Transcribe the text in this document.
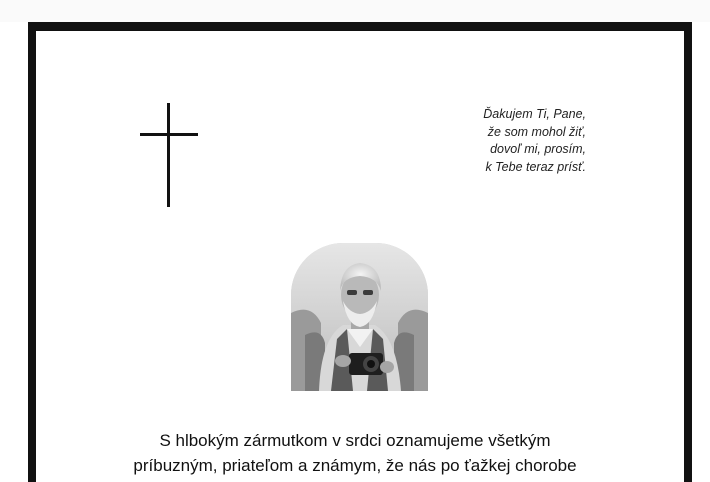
Ďakujem Ti, Pane,
že som mohol žiť,
dovoľ mi, prosím,
k Tebe teraz prísť.
S hlbokým zármutkom v srdci oznamujeme všetkým
príbuzným, priateľom a známym, že nás po ťažkej chorobe
